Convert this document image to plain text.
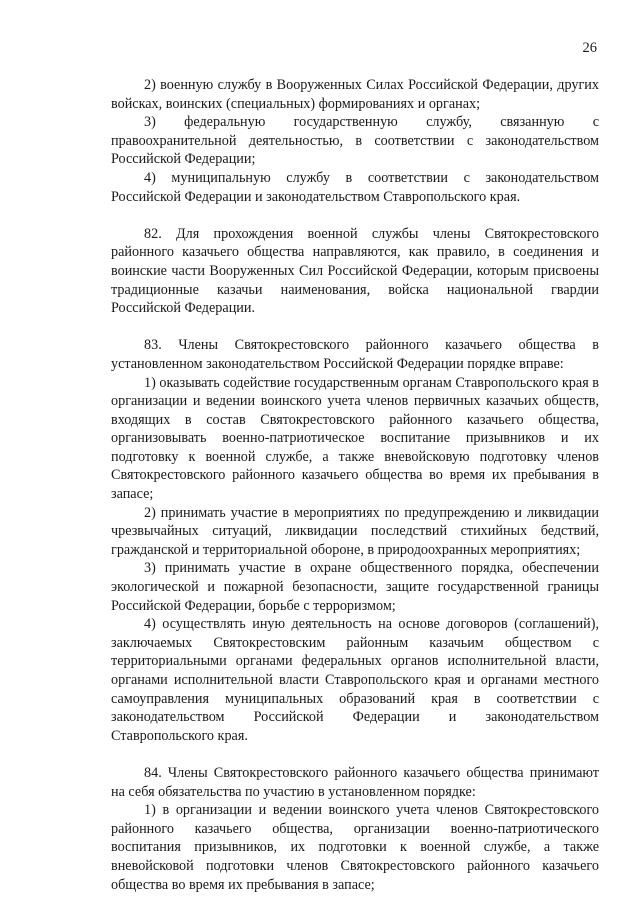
26

2) военную службу в Вооруженных Силах Российской Федерации, других войсках, воинских (специальных) формированиях и органах;

3) федеральную государственную службу, связанную с правоохранительной деятельностью, в соответствии с законодательством Российской Федерации;

4) муниципальную службу в соответствии с законодательством Российской Федерации и законодательством Ставропольского края.

82. Для прохождения военной службы члены Святокрестовского районного казачьего общества направляются, как правило, в соединения и воинские части Вооруженных Сил Российской Федерации, которым присвоены традиционные казачьи наименования, войска национальной гвардии Российской Федерации.

83. Члены Святокрестовского районного казачьего общества в установленном законодательством Российской Федерации порядке вправе:

1) оказывать содействие государственным органам Ставропольского края в организации и ведении воинского учета членов первичных казачьих обществ, входящих в состав Святокрестовского районного казачьего общества, организовывать военно-патриотическое воспитание призывников и их подготовку к военной службе, а также вневойсковую подготовку членов Святокрестовского районного казачьего общества во время их пребывания в запасе;

2) принимать участие в мероприятиях по предупреждению и ликвидации чрезвычайных ситуаций, ликвидации последствий стихийных бедствий, гражданской и территориальной обороне, в природоохранных мероприятиях;

3) принимать участие в охране общественного порядка, обеспечении экологической и пожарной безопасности, защите государственной границы Российской Федерации, борьбе с терроризмом;

4) осуществлять иную деятельность на основе договоров (соглашений), заключаемых Святокрестовским районным казачьим обществом с территориальными органами федеральных органов исполнительной власти, органами исполнительной власти Ставропольского края и органами местного самоуправления муниципальных образований края в соответствии с законодательством Российской Федерации и законодательством Ставропольского края.

84. Члены Святокрестовского районного казачьего общества принимают на себя обязательства по участию в установленном порядке:

1) в организации и ведении воинского учета членов Святокрестовского районного казачьего общества, организации военно-патриотического воспитания призывников, их подготовки к военной службе, а также вневойсковой подготовки членов Святокрестовского районного казачьего общества во время их пребывания в запасе;
